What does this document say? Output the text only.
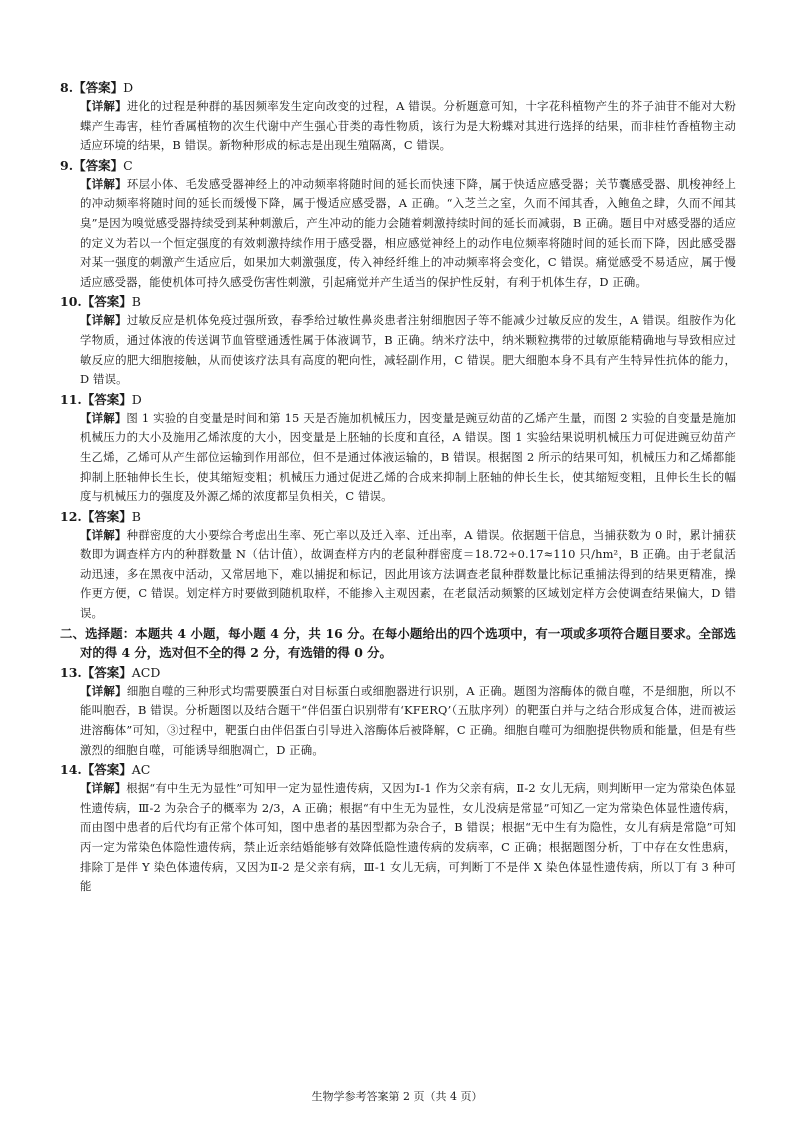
8.【答案】D
【详解】进化的过程是种群的基因频率发生定向改变的过程，A 错误。分析题意可知，十字花科植物产生的芥子油苷不能对大粉蝶产生毒害，桂竹香属植物的次生代谢中产生强心苷类的毒性物质，该行为是大粉蝶对其进行选择的结果，而非桂竹香植物主动适应环境的结果，B 错误。新物种形成的标志是出现生殖隔离，C 错误。
9.【答案】C
【详解】环层小体、毛发感受器神经上的冲动频率将随时间的延长而快速下降，属于快适应感受器；关节囊感受器、肌梭神经上的冲动频率将随时间的延长而缓慢下降，属于慢适应感受器，A 正确。“入芝兰之室，久而不闻其香，入鲍鱼之肆，久而不闻其臭”是因为嗅觉感受器持续受到某种刺激后，产生冲动的能力会随着刺激持续时间的延长而减弱，B 正确。题目中对感受器的适应的定义为若以一个恒定强度的有效刺激持续作用于感受器，相应感觉神经上的动作电位频率将随时间的延长而下降，因此感受器对某一强度的刺激产生适应后，如果加大刺激强度，传入神经纤维上的冲动频率将会变化，C 错误。痛觉感受不易适应，属于慢适应感受器，能使机体可持久感受伤害性刺激，引起痛觉并产生适当的保护性反射，有利于机体生存，D 正确。
10.【答案】B
【详解】过敏反应是机体免疫过强所致，春季给过敏性鼻炎患者注射细胞因子等不能减少过敏反应的发生，A 错误。组胺作为化学物质，通过体液的传送调节血管壁通透性属于体液调节，B 正确。纳米疗法中，纳米颗粒携带的过敏原能精确地与导致相应过敏反应的肥大细胞接触，从而使该疗法具有高度的靶向性，减轻副作用，C 错误。肥大细胞本身不具有产生特异性抗体的能力，D 错误。
11.【答案】D
【详解】图 1 实验的自变量是时间和第 15 天是否施加机械压力，因变量是豌豆幼苗的乙烯产生量，而图 2 实验的自变量是施加机械压力的大小及施用乙烯浓度的大小，因变量是上胚轴的长度和直径，A 错误。图 1 实验结果说明机械压力可促进豌豆幼苗产生乙烯，乙烯可从产生部位运输到作用部位，但不是通过体液运输的，B 错误。根据图 2 所示的结果可知，机械压力和乙烯都能抑制上胚轴伸长生长，使其缩短变粗；机械压力通过促进乙烯的合成来抑制上胚轴的伸长生长，使其缩短变粗，且伸长生长的幅度与机械压力的强度及外源乙烯的浓度都呈负相关，C 错误。
12.【答案】B
【详解】种群密度的大小要综合考虑出生率、死亡率以及迁入率、迁出率，A 错误。依据题干信息，当捕获数为 0 时，累计捕获数即为调查样方内的种群数量 N（估计值），故调查样方内的老鼠种群密度＝18.72÷0.17≈110 只/hm²，B 正确。由于老鼠活动迅速，多在黑夜中活动，又常居地下，难以捕捉和标记，因此用该方法调查老鼠种群数量比标记重捕法得到的结果更精准，操作更方便，C 错误。划定样方时要做到随机取样，不能掺入主观因素，在老鼠活动频繁的区域划定样方会使调查结果偏大，D 错误。

二、选择题：本题共 4 小题，每小题 4 分，共 16 分。在每小题给出的四个选项中，有一项或多项符合题目要求。全部选对的得 4 分，选对但不全的得 2 分，有选错的得 0 分。

13.【答案】ACD
【详解】细胞自噬的三种形式均需要膜蛋白对目标蛋白或细胞器进行识别，A 正确。题图为溶酶体的微自噬，不是细胞，所以不能叫胞吞，B 错误。分析题图以及结合题干“伴侣蛋白识别带有‘KFERQ’（五肽序列）的靶蛋白并与之结合形成复合体，进而被运进溶酶体”可知，③过程中，靶蛋白由伴侣蛋白引导进入溶酶体后被降解，C 正确。细胞自噬可为细胞提供物质和能量，但是有些激烈的细胞自噬，可能诱导细胞凋亡，D 正确。
14.【答案】AC
【详解】根据“有中生无为显性”可知甲一定为显性遗传病，又因为Ⅰ-1 作为父亲有病，Ⅱ-2 女儿无病，则判断甲一定为常染色体显性遗传病，Ⅲ-2 为杂合子的概率为 2/3，A 正确；根据“有中生无为显性，女儿没病是常显”可知乙一定为常染色体显性遗传病，而由图中患者的后代均有正常个体可知，图中患者的基因型都为杂合子，B 错误；根据“无中生有为隐性，女儿有病是常隐”可知丙一定为常染色体隐性遗传病，禁止近亲结婚能够有效降低隐性遗传病的发病率，C 正确；根据题图分析，丁中存在女性患病，排除丁是伴 Y 染色体遗传病，又因为Ⅱ-2 是父亲有病，Ⅲ-1 女儿无病，可判断丁不是伴 X 染色体显性遗传病，所以丁有 3 种可能
生物学参考答案第 2 页（共 4 页）
